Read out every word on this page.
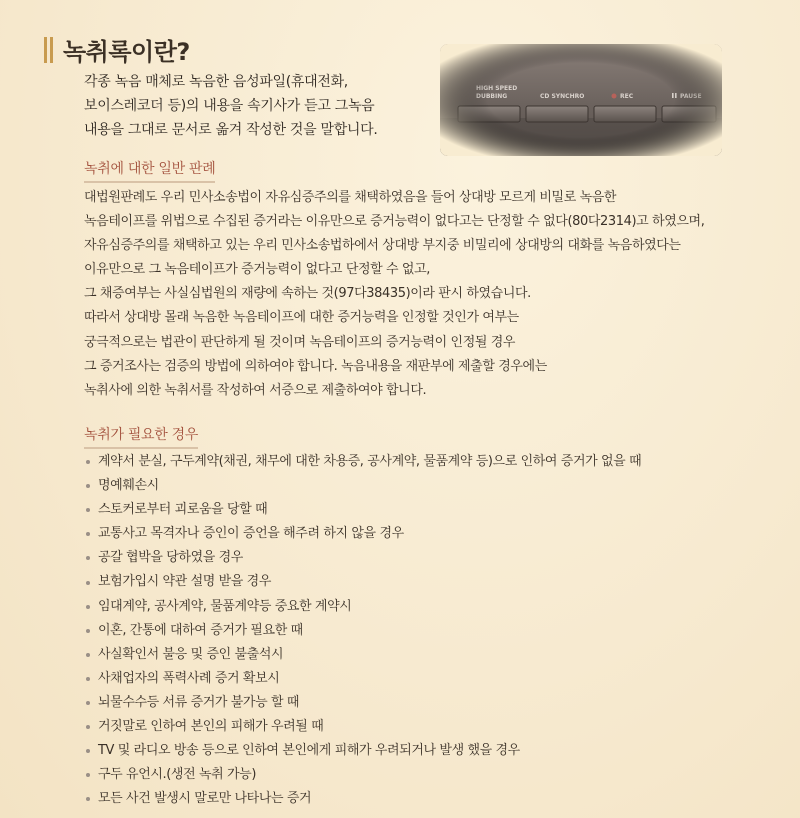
녹취록이란?

각종 녹음 매체로 녹음한 음성파일(휴대전화,

보이스레코더 등)의 내용을 속기사가 듣고 그녹음

내용을 그대로 문서로 옮겨 작성한 것을 말합니다.

녹취에 대한 일반 판례
대법원판례도 우리 민사소송법이 자유심증주의를 채택하였음을 들어 상대방 모르게 비밀로 녹음한
녹음테이프를 위법으로 수집된 증거라는 이유만으로 증거능력이 없다고는 단정할 수 없다(80다2314)고 하였으며,
자유심증주의를 채택하고 있는 우리 민사소송법하에서 상대방 부지중 비밀리에 상대방의 대화를 녹음하였다는
이유만으로 그 녹음테이프가 증거능력이 없다고 단정할 수 없고,
그 채증여부는 사실심법원의 재량에 속하는 것(97다38435)이라 판시 하였습니다.
따라서 상대방 몰래 녹음한 녹음테이프에 대한 증거능력을 인정할 것인가 여부는
궁극적으로는 법관이 판단하게 될 것이며 녹음테이프의 증거능력이 인정될 경우
그 증거조사는 검증의 방법에 의하여야 합니다. 녹음내용을 재판부에 제출할 경우에는
녹취사에 의한 녹취서를 작성하여 서증으로 제출하여야 합니다.
녹취가 필요한 경우
계약서 분실, 구두계약(채권, 채무에 대한 차용증, 공사계약, 물품계약 등)으로 인하여 증거가 없을 때
명예훼손시
스토커로부터 괴로움을 당할 때
교통사고 목격자나 증인이 증언을 해주려 하지 않을 경우
공갈 협박을 당하였을 경우
보험가입시 약관 설명 받을 경우
임대계약, 공사계약, 물품계약등 중요한 계약시
이혼, 간통에 대하여 증거가 필요한 때
사실확인서 불응 및 증인 불출석시
사채업자의 폭력사례 증거 확보시
뇌물수수등 서류 증거가 불가능 할 때
거짓말로 인하여 본인의 피해가 우려될 때
TV 및 라디오 방송 등으로 인하여 본인에게 피해가 우려되거나 발생 했을 경우
구두 유언시.(생전 녹취 가능)
모든 사건 발생시 말로만 나타나는 증거
